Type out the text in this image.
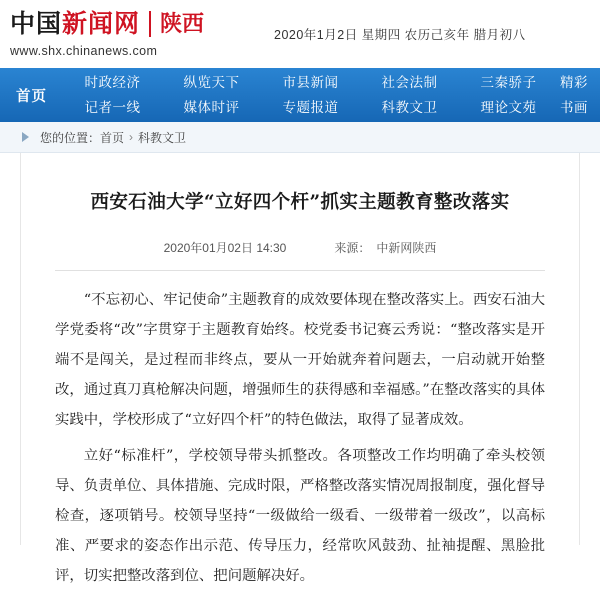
中国 新闻网 陕西
www.shx.chinanews.com
2020年1月2日 星期四 农历己亥年 腊月初八
首页
时政经济
记者一线
纵览天下
媒体时评
市县新闻
专题报道
社会法制
科教文卫
三秦骄子
理论文苑
精彩
书画
您的位置： 首页 › 科教文卫
西安石油大学“立好四个杆”抓实主题教育整改落实
2020年01月02日 14:30	来源： 中新网陕西

“不忘初心、牢记使命”主题教育的成效要体现在整改落实上。西安石油大学党委将“改”字贯穿于主题教育始终。校党委书记赛云秀说：“整改落实是开端不是闯关，是过程而非终点，要从一开始就奔着问题去，一启动就开始整改，通过真刀真枪解决问题，增强师生的获得感和幸福感。”在整改落实的具体实践中，学校形成了“立好四个杆”的特色做法，取得了显著成效。

立好“标准杆”，学校领导带头抓整改。各项整改工作均明确了牵头校领导、负责单位、具体措施、完成时限，严格整改落实情况周报制度，强化督导检查，逐项销号。校领导坚持“一级做给一级看、一级带着一级改”，以高标准、严要求的姿态作出示范、传导压力，经常吹风鼓劲、扯袖提醒、黑脸批评，切实把整改落到位、把问题解决好。
